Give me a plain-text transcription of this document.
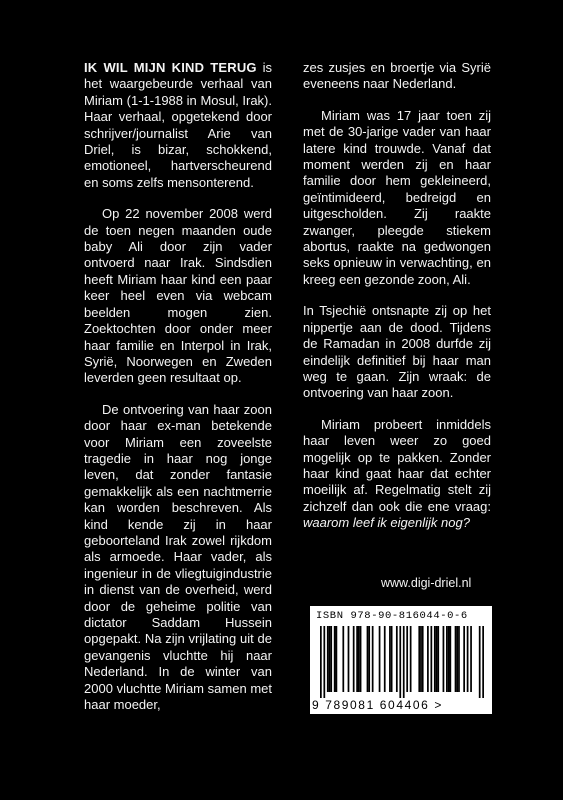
IK WIL MIJN KIND TERUG is het waargebeurde verhaal van Miriam (1-1-1988 in Mosul, Irak). Haar verhaal, opgetekend door schrijver/journalist Arie van Driel, is bizar, schokkend, emotioneel, hartverscheurend en soms zelfs mensonterend.

Op 22 november 2008 werd de toen negen maanden oude baby Ali door zijn vader ontvoerd naar Irak. Sindsdien heeft Miriam haar kind een paar keer heel even via webcam beelden mogen zien. Zoektochten door onder meer haar familie en Interpol in Irak, Syrië, Noorwegen en Zweden leverden geen resultaat op.

De ontvoering van haar zoon door haar ex-man betekende voor Miriam een zoveelste tragedie in haar nog jonge leven, dat zonder fantasie gemakkelijk als een nachtmerrie kan worden beschreven. Als kind kende zij in haar geboorteland Irak zowel rijkdom als armoede. Haar vader, als ingenieur in de vliegtuigindustrie in dienst van de overheid, werd door de geheime politie van dictator Saddam Hussein opgepakt. Na zijn vrijlating uit de gevangenis vluchtte hij naar Nederland. In de winter van 2000 vluchtte Miriam samen met haar moeder,

zes zusjes en broertje via Syrië eveneens naar Nederland.

Miriam was 17 jaar toen zij met de 30-jarige vader van haar latere kind trouwde. Vanaf dat moment werden zij en haar familie door hem gekleineerd, geïntimideerd, bedreigd en uitgescholden. Zij raakte zwanger, pleegde stiekem abortus, raakte na gedwongen seks opnieuw in verwachting, en kreeg een gezonde zoon, Ali.

In Tsjechië ontsnapte zij op het nippertje aan de dood. Tijdens de Ramadan in 2008 durfde zij eindelijk definitief bij haar man weg te gaan. Zijn wraak: de ontvoering van haar zoon.

Miriam probeert inmiddels haar leven weer zo goed mogelijk op te pakken. Zonder haar kind gaat haar dat echter moeilijk af. Regelmatig stelt zij zichzelf dan ook die ene vraag: waarom leef ik eigenlijk nog?

www.digi-driel.nl
ISBN 978-90-816044-0-6
9 789081 604406 >
